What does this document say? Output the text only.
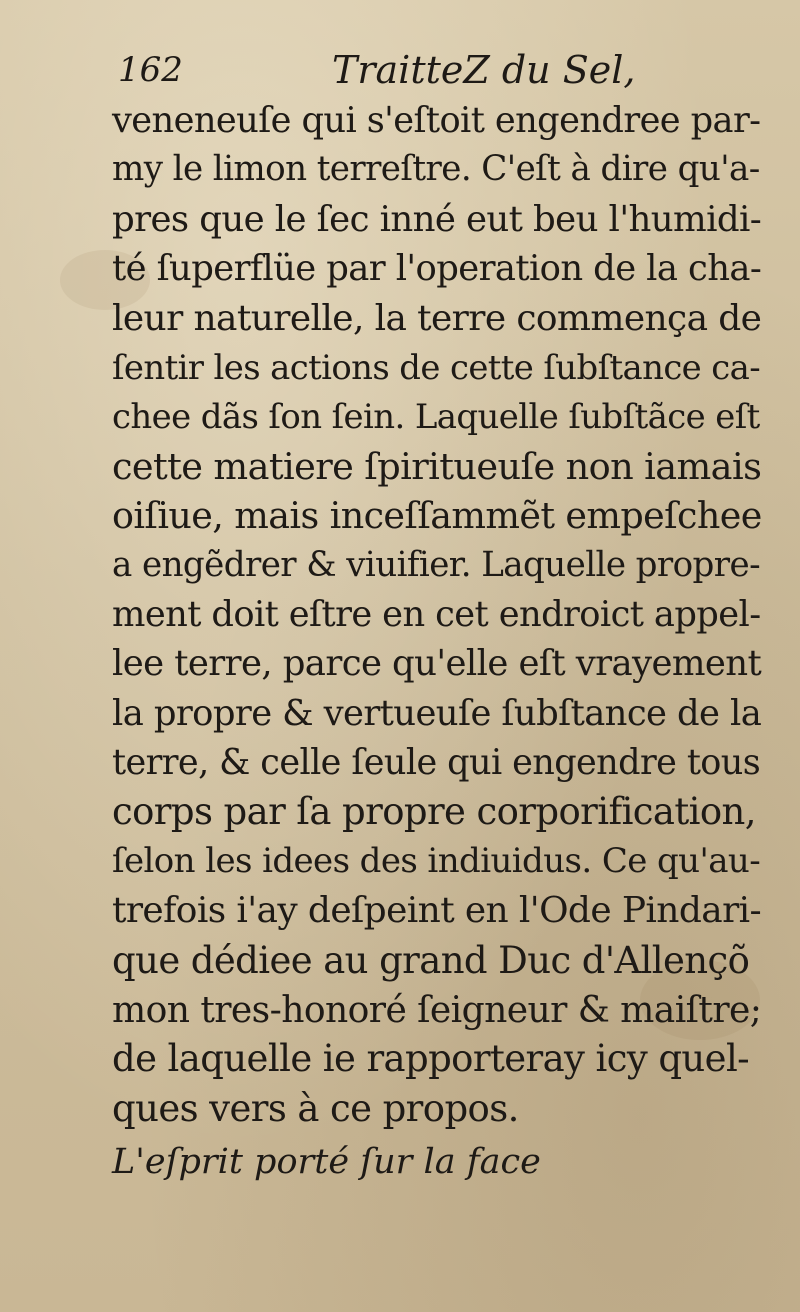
162	TraitteZ du Sel,
veneneuſe qui s'eſtoit engendree par-
my le limon terreſtre. C'eſt à dire qu'a-
pres que le ſec inné eut beu l'humidi-
té ſuperflüe par l'operation de la cha-
leur naturelle, la terre commença de
ſentir les actions de cette ſubſtance ca-
chee dãs ſon ſein. Laquelle ſubſtãce eſt
cette matiere ſpiritueuſe non iamais
oiſiue, mais inceſſammẽt empeſchee
a engẽdrer & viuifier. Laquelle propre-
ment doit eſtre en cet endroict appel-
lee terre, parce qu'elle eſt vrayement
la propre & vertueuſe ſubſtance de la
terre, & celle ſeule qui engendre tous
corps par ſa propre corporification,
ſelon les idees des indiuidus. Ce qu'au-
trefois i'ay deſpeint en l'Ode Pindari-
que dédiee au grand Duc d'Allençõ
mon tres-honoré ſeigneur & maiſtre;
de laquelle ie rapporteray icy quel-
ques vers à ce propos.
L'eſprit porté ſur la face
